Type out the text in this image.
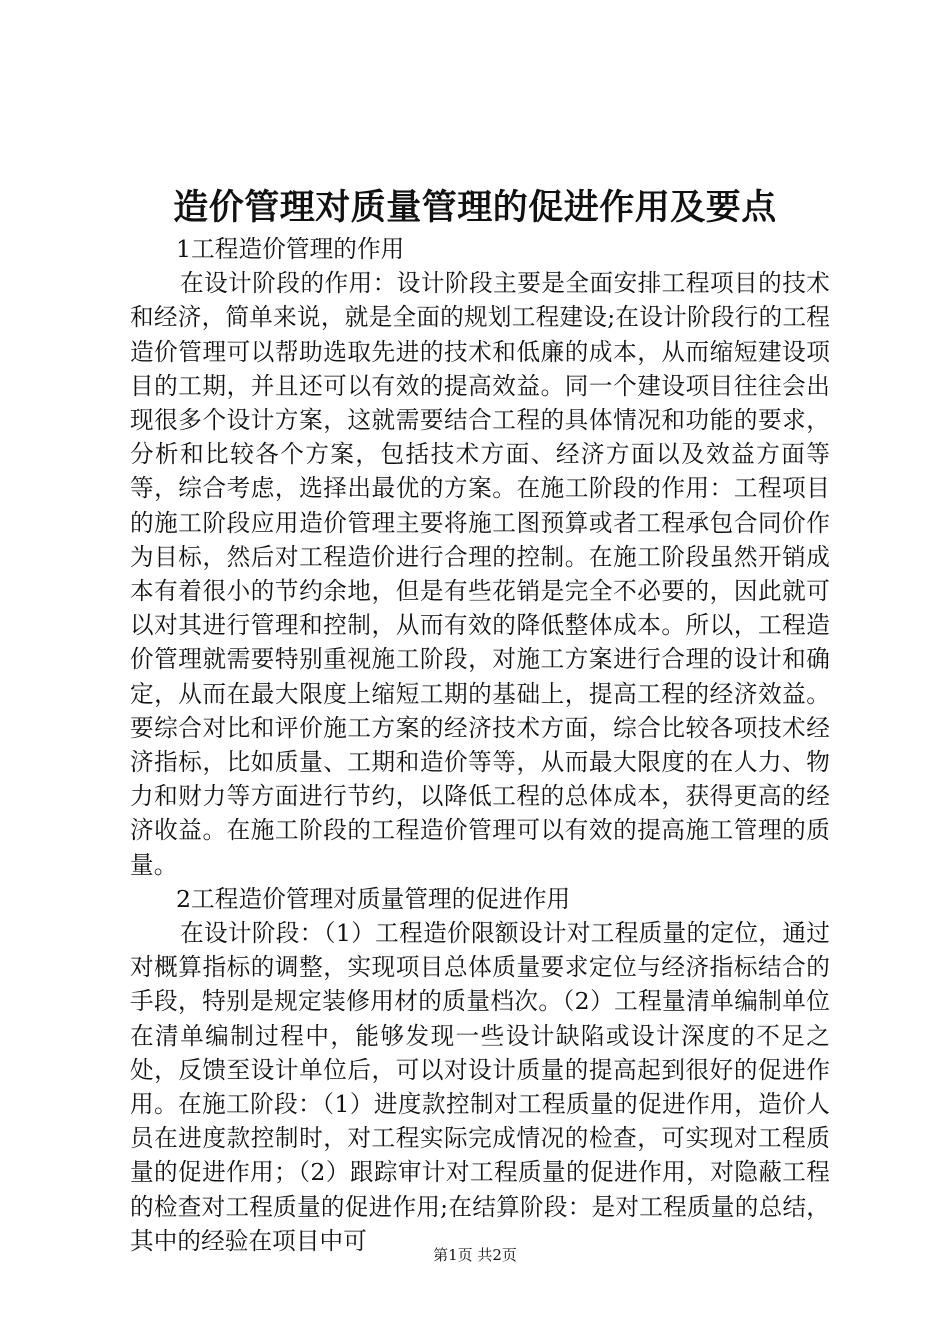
造价管理对质量管理的促进作用及要点

1工程造价管理的作用

在设计阶段的作用：设计阶段主要是全面安排工程项目的技术和经济，简单来说，就是全面的规划工程建设;在设计阶段行的工程造价管理可以帮助选取先进的技术和低廉的成本，从而缩短建设项目的工期，并且还可以有效的提高效益。同一个建设项目往往会出现很多个设计方案，这就需要结合工程的具体情况和功能的要求，分析和比较各个方案，包括技术方面、经济方面以及效益方面等等，综合考虑，选择出最优的方案。在施工阶段的作用：工程项目的施工阶段应用造价管理主要将施工图预算或者工程承包合同价作为目标，然后对工程造价进行合理的控制。在施工阶段虽然开销成本有着很小的节约余地，但是有些花销是完全不必要的，因此就可以对其进行管理和控制，从而有效的降低整体成本。所以，工程造价管理就需要特别重视施工阶段，对施工方案进行合理的设计和确定，从而在最大限度上缩短工期的基础上，提高工程的经济效益。要综合对比和评价施工方案的经济技术方面，综合比较各项技术经济指标，比如质量、工期和造价等等，从而最大限度的在人力、物力和财力等方面进行节约，以降低工程的总体成本，获得更高的经济收益。在施工阶段的工程造价管理可以有效的提高施工管理的质量。

2工程造价管理对质量管理的促进作用

在设计阶段：（1）工程造价限额设计对工程质量的定位，通过对概算指标的调整，实现项目总体质量要求定位与经济指标结合的手段，特别是规定装修用材的质量档次。（2）工程量清单编制单位在清单编制过程中，能够发现一些设计缺陷或设计深度的不足之处，反馈至设计单位后，可以对设计质量的提高起到很好的促进作用。在施工阶段：（1）进度款控制对工程质量的促进作用，造价人员在进度款控制时，对工程实际完成情况的检查，可实现对工程质量的促进作用；（2）跟踪审计对工程质量的促进作用，对隐蔽工程的检查对工程质量的促进作用;在结算阶段：是对工程质量的总结，其中的经验在项目中可

第1页 共2页
